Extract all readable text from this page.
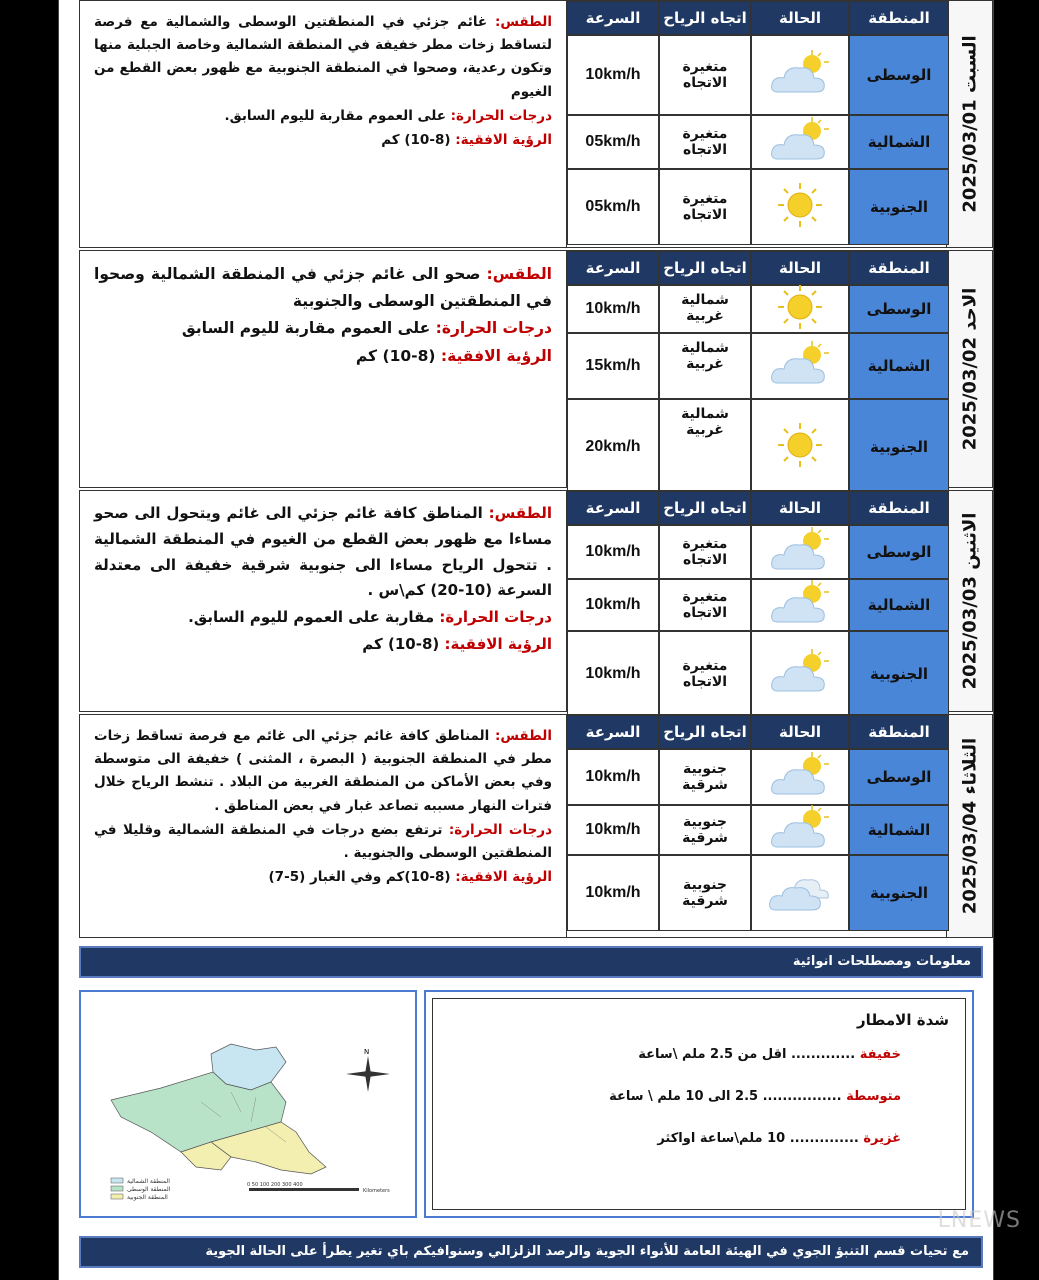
السبت 2025/03/01

الطقس: غائم جزئي في المنطقتين الوسطى والشمالية مع فرصة لتساقط زخات مطر خفيفة في المنطقة الشمالية وخاصة الجبلية منها وتكون رعدية، وصحوا في المنطقة الجنوبية مع ظهور بعض القطع من الغيوم

درجات الحرارة: على العموم مقاربة لليوم السابق.

الرؤية الافقية: (8-10) كم

المنطقة
الحالة
اتجاه الرياح
السرعة
الوسطى
متغيرة الاتجاه
10km/h
الشمالية
متغيرة الاتجاه
05km/h
الجنوبية
متغيرة الاتجاه
05km/h
الاحد 2025/03/02

الطقس: صحو الى غائم جزئي في المنطقة الشمالية وصحوا في المنطقتين الوسطى والجنوبية

درجات الحرارة: على العموم مقاربة لليوم السابق

الرؤية الافقية: (8-10) كم

المنطقة
الحالة
اتجاه الرياح
السرعة
الوسطى
شمالية غربية
10km/h
الشمالية
شمالية غربية
15km/h
الجنوبية
شمالية غربية
20km/h
الاثنين 2025/03/03

الطقس: المناطق كافة غائم جزئي الى غائم ويتحول الى صحو مساءا مع ظهور بعض القطع من الغيوم في المنطقة الشمالية . تتحول الرياح مساءا الى جنوبية شرقية خفيفة الى معتدلة السرعة (10-20) كم\س .

درجات الحرارة: مقاربة على العموم لليوم السابق.

الرؤية الافقية: (8-10) كم

المنطقة
الحالة
اتجاه الرياح
السرعة
الوسطى
متغيرة الاتجاه
10km/h
الشمالية
متغيرة الاتجاه
10km/h
الجنوبية
متغيرة الاتجاه
10km/h
الثلاثاء 2025/03/04

الطقس: المناطق كافة غائم جزئي الى غائم مع فرصة تساقط زخات مطر في المنطقة الجنوبية ( البصرة ، المثنى ) خفيفة الى متوسطة وفي بعض الأماكن من المنطقة الغربية من البلاد . تنشط الرياح خلال فترات النهار مسببه تصاعد غبار في بعض المناطق .

درجات الحرارة: ترتفع بضع درجات في المنطقة الشمالية وقليلا في المنطقتين الوسطى والجنوبية .

الرؤية الافقية: (8-10)كم وفي الغبار (5-7)

المنطقة
الحالة
اتجاه الرياح
السرعة
الوسطى
جنوبية شرقية
10km/h
الشمالية
جنوبية شرقية
10km/h
الجنوبية
جنوبية شرقية
10km/h
معلومات ومصطلحات انوائية
N
المنطقة الشمالية
المنطقة الوسطى
المنطقة الجنوبية
0 50 100 200 300 400
Kilometers
شدة الامطار
خفيفة ............. اقل من 2.5 ملم \ساعة
متوسطة ................ 2.5 الى 10 ملم \ ساعة
غزيرة .............. 10 ملم\ساعة اواكثر
مع تحيات قسم التنبؤ الجوي في الهيئة العامة للأنواء الجوية والرصد الزلزالي وسنوافيكم باي تغير يطرأ على الحالة الجوية
LNEWS
